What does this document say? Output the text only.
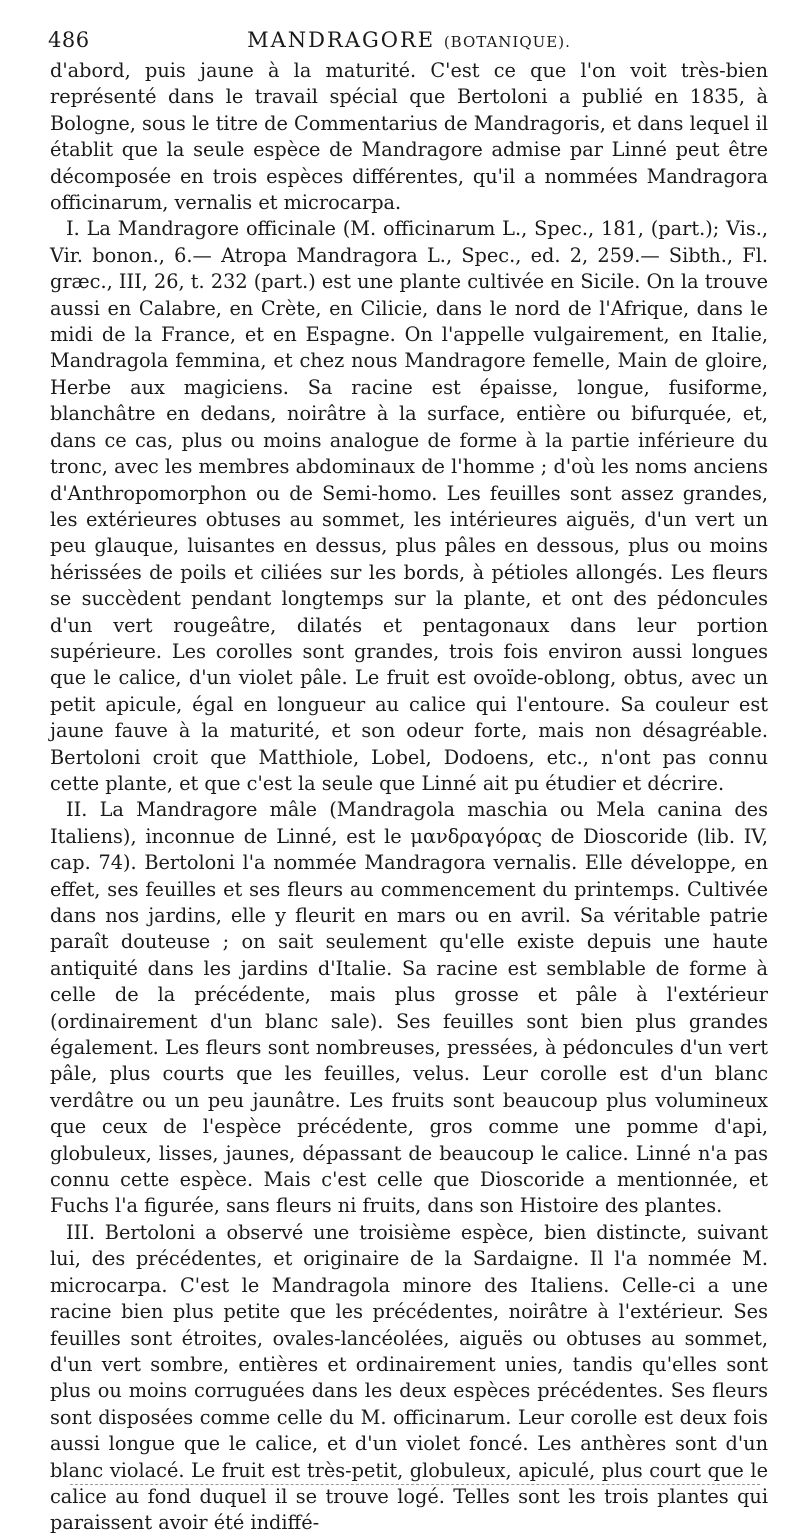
486	MANDRAGORE (BOTANIQUE).

d'abord, puis jaune à la maturité. C'est ce que l'on voit très-bien représenté dans le travail spécial que Bertoloni a publié en 1835, à Bologne, sous le titre de Commentarius de Mandragoris, et dans lequel il établit que la seule espèce de Mandragore admise par Linné peut être décomposée en trois espèces différentes, qu'il a nommées Mandragora officinarum, vernalis et microcarpa.

I. La Mandragore officinale (M. officinarum L., Spec., 181, (part.); Vis., Vir. bonon., 6.— Atropa Mandragora L., Spec., ed. 2, 259.— Sibth., Fl. græc., III, 26, t. 232 (part.) est une plante cultivée en Sicile. On la trouve aussi en Calabre, en Crète, en Cilicie, dans le nord de l'Afrique, dans le midi de la France, et en Espagne. On l'appelle vulgairement, en Italie, Mandragola femmina, et chez nous Mandragore femelle, Main de gloire, Herbe aux magiciens. Sa racine est épaisse, longue, fusiforme, blanchâtre en dedans, noirâtre à la surface, entière ou bifurquée, et, dans ce cas, plus ou moins analogue de forme à la partie inférieure du tronc, avec les membres abdominaux de l'homme ; d'où les noms anciens d'Anthropomorphon ou de Semi-homo. Les feuilles sont assez grandes, les extérieures obtuses au sommet, les intérieures aiguës, d'un vert un peu glauque, luisantes en dessus, plus pâles en dessous, plus ou moins hérissées de poils et ciliées sur les bords, à pétioles allongés. Les fleurs se succèdent pendant longtemps sur la plante, et ont des pédoncules d'un vert rougeâtre, dilatés et pentagonaux dans leur portion supérieure. Les corolles sont grandes, trois fois environ aussi longues que le calice, d'un violet pâle. Le fruit est ovoïde-oblong, obtus, avec un petit apicule, égal en longueur au calice qui l'entoure. Sa couleur est jaune fauve à la maturité, et son odeur forte, mais non désagréable. Bertoloni croit que Matthiole, Lobel, Dodoens, etc., n'ont pas connu cette plante, et que c'est la seule que Linné ait pu étudier et décrire.

II. La Mandragore mâle (Mandragola maschia ou Mela canina des Italiens), inconnue de Linné, est le μανδραγόρας de Dioscoride (lib. IV, cap. 74). Bertoloni l'a nommée Mandragora vernalis. Elle développe, en effet, ses feuilles et ses fleurs au commencement du printemps. Cultivée dans nos jardins, elle y fleurit en mars ou en avril. Sa véritable patrie paraît douteuse ; on sait seulement qu'elle existe depuis une haute antiquité dans les jardins d'Italie. Sa racine est semblable de forme à celle de la précédente, mais plus grosse et pâle à l'extérieur (ordinairement d'un blanc sale). Ses feuilles sont bien plus grandes également. Les fleurs sont nombreuses, pressées, à pédoncules d'un vert pâle, plus courts que les feuilles, velus. Leur corolle est d'un blanc verdâtre ou un peu jaunâtre. Les fruits sont beaucoup plus volumineux que ceux de l'espèce précédente, gros comme une pomme d'api, globuleux, lisses, jaunes, dépassant de beaucoup le calice. Linné n'a pas connu cette espèce. Mais c'est celle que Dioscoride a mentionnée, et Fuchs l'a figurée, sans fleurs ni fruits, dans son Histoire des plantes.

III. Bertoloni a observé une troisième espèce, bien distincte, suivant lui, des précédentes, et originaire de la Sardaigne. Il l'a nommée M. microcarpa. C'est le Mandragola minore des Italiens. Celle-ci a une racine bien plus petite que les précédentes, noirâtre à l'extérieur. Ses feuilles sont étroites, ovales-lancéolées, aiguës ou obtuses au sommet, d'un vert sombre, entières et ordinairement unies, tandis qu'elles sont plus ou moins corruguées dans les deux espèces précédentes. Ses fleurs sont disposées comme celle du M. officinarum. Leur corolle est deux fois aussi longue que le calice, et d'un violet foncé. Les anthères sont d'un blanc violacé. Le fruit est très-petit, globuleux, apiculé, plus court que le calice au fond duquel il se trouve logé. Telles sont les trois plantes qui paraissent avoir été indiffé-
